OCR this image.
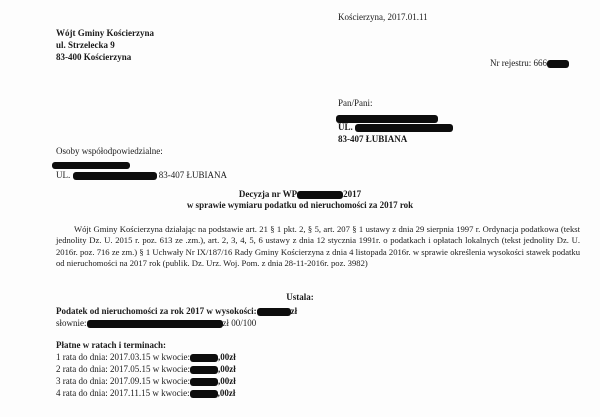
Kościerzyna, 2017.01.11
Wójt Gminy Kościerzyna
ul. Strzelecka 9
83-400 Kościerzyna
Nr rejestru: 666
Pan/Pani:
UL.
83-407 ŁUBIANA
Osoby współodpowiedzialne:
UL.	83-407 ŁUBIANA
Decyzja nr WP	2017
w sprawie wymiaru podatku od nieruchomości za 2017 rok
Wójt Gminy Kościerzyna działając na podstawie art. 21 § 1 pkt. 2, § 5, art. 207 § 1 ustawy z dnia 29 sierpnia 1997 r. Ordynacja podatkowa (tekst jednolity Dz. U. 2015 r. poz. 613 ze .zm.), art. 2, 3, 4, 5, 6 ustawy z dnia 12 stycznia 1991r. o podatkach i opłatach lokalnych (tekst jednolity Dz. U. 2016r. poz. 716 ze zm.) § 1 Uchwały Nr IX/187/16 Rady Gminy Kościerzyna z dnia 4 listopada 2016r. w sprawie określenia wysokości stawek podatku od nieruchomości na 2017 rok (publik. Dz. Urz. Woj. Pom. z dnia 28-11-2016r. poz. 3982)
Ustala:
Podatek od nieruchomości za rok 2017 w wysokości:	zł
słownie:	zł 00/100
Płatne w ratach i terminach:
1 rata do dnia: 2017.03.15 w kwocie:	,00zł
2 rata do dnia: 2017.05.15 w kwocie:	,00zł
3 rata do dnia: 2017.09.15 w kwocie:	,00zł
4 rata do dnia: 2017.11.15 w kwocie:	,00zł
